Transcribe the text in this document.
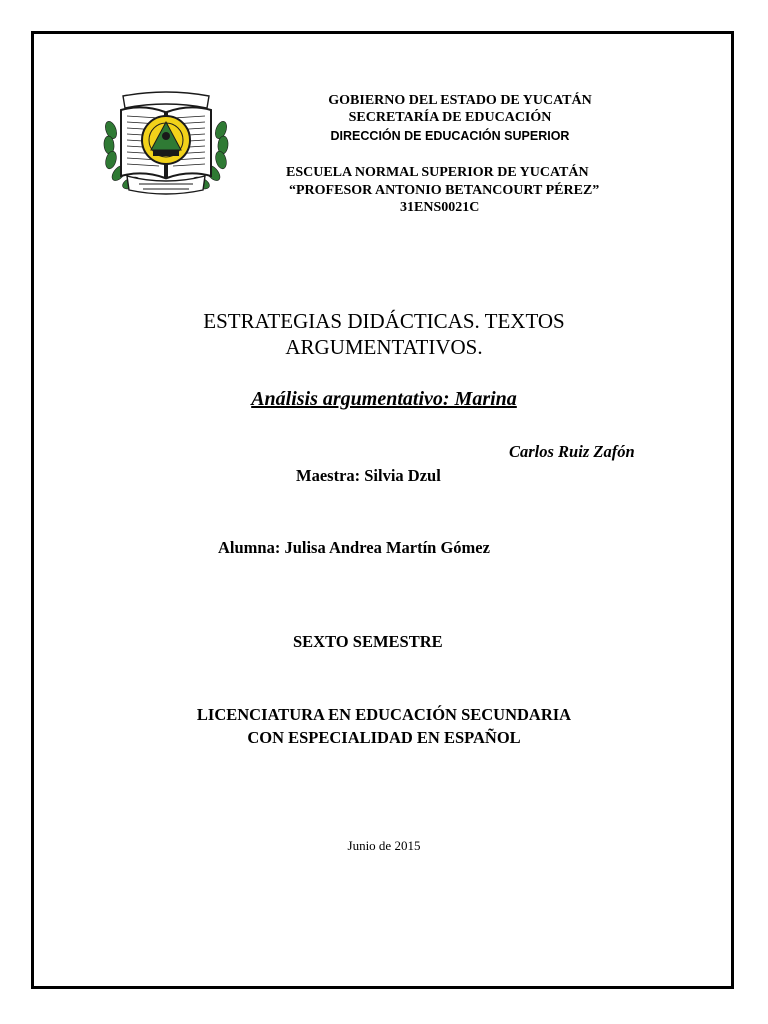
GOBIERNO DEL ESTADO DE YUCATÁN
SECRETARÍA DE EDUCACIÓN
DIRECCIÓN DE EDUCACIÓN SUPERIOR
ESCUELA NORMAL SUPERIOR DE YUCATÁN
“PROFESOR ANTONIO BETANCOURT PÉREZ”
31ENS0021C
ESTRATEGIAS DIDÁCTICAS. TEXTOS
ARGUMENTATIVOS.
Análisis argumentativo: Marina
Carlos Ruiz Zafón
Maestra: Silvia Dzul
Alumna: Julisa Andrea Martín Gómez
SEXTO SEMESTRE
LICENCIATURA EN EDUCACIÓN SECUNDARIA
CON ESPECIALIDAD EN ESPAÑOL
Junio de 2015
